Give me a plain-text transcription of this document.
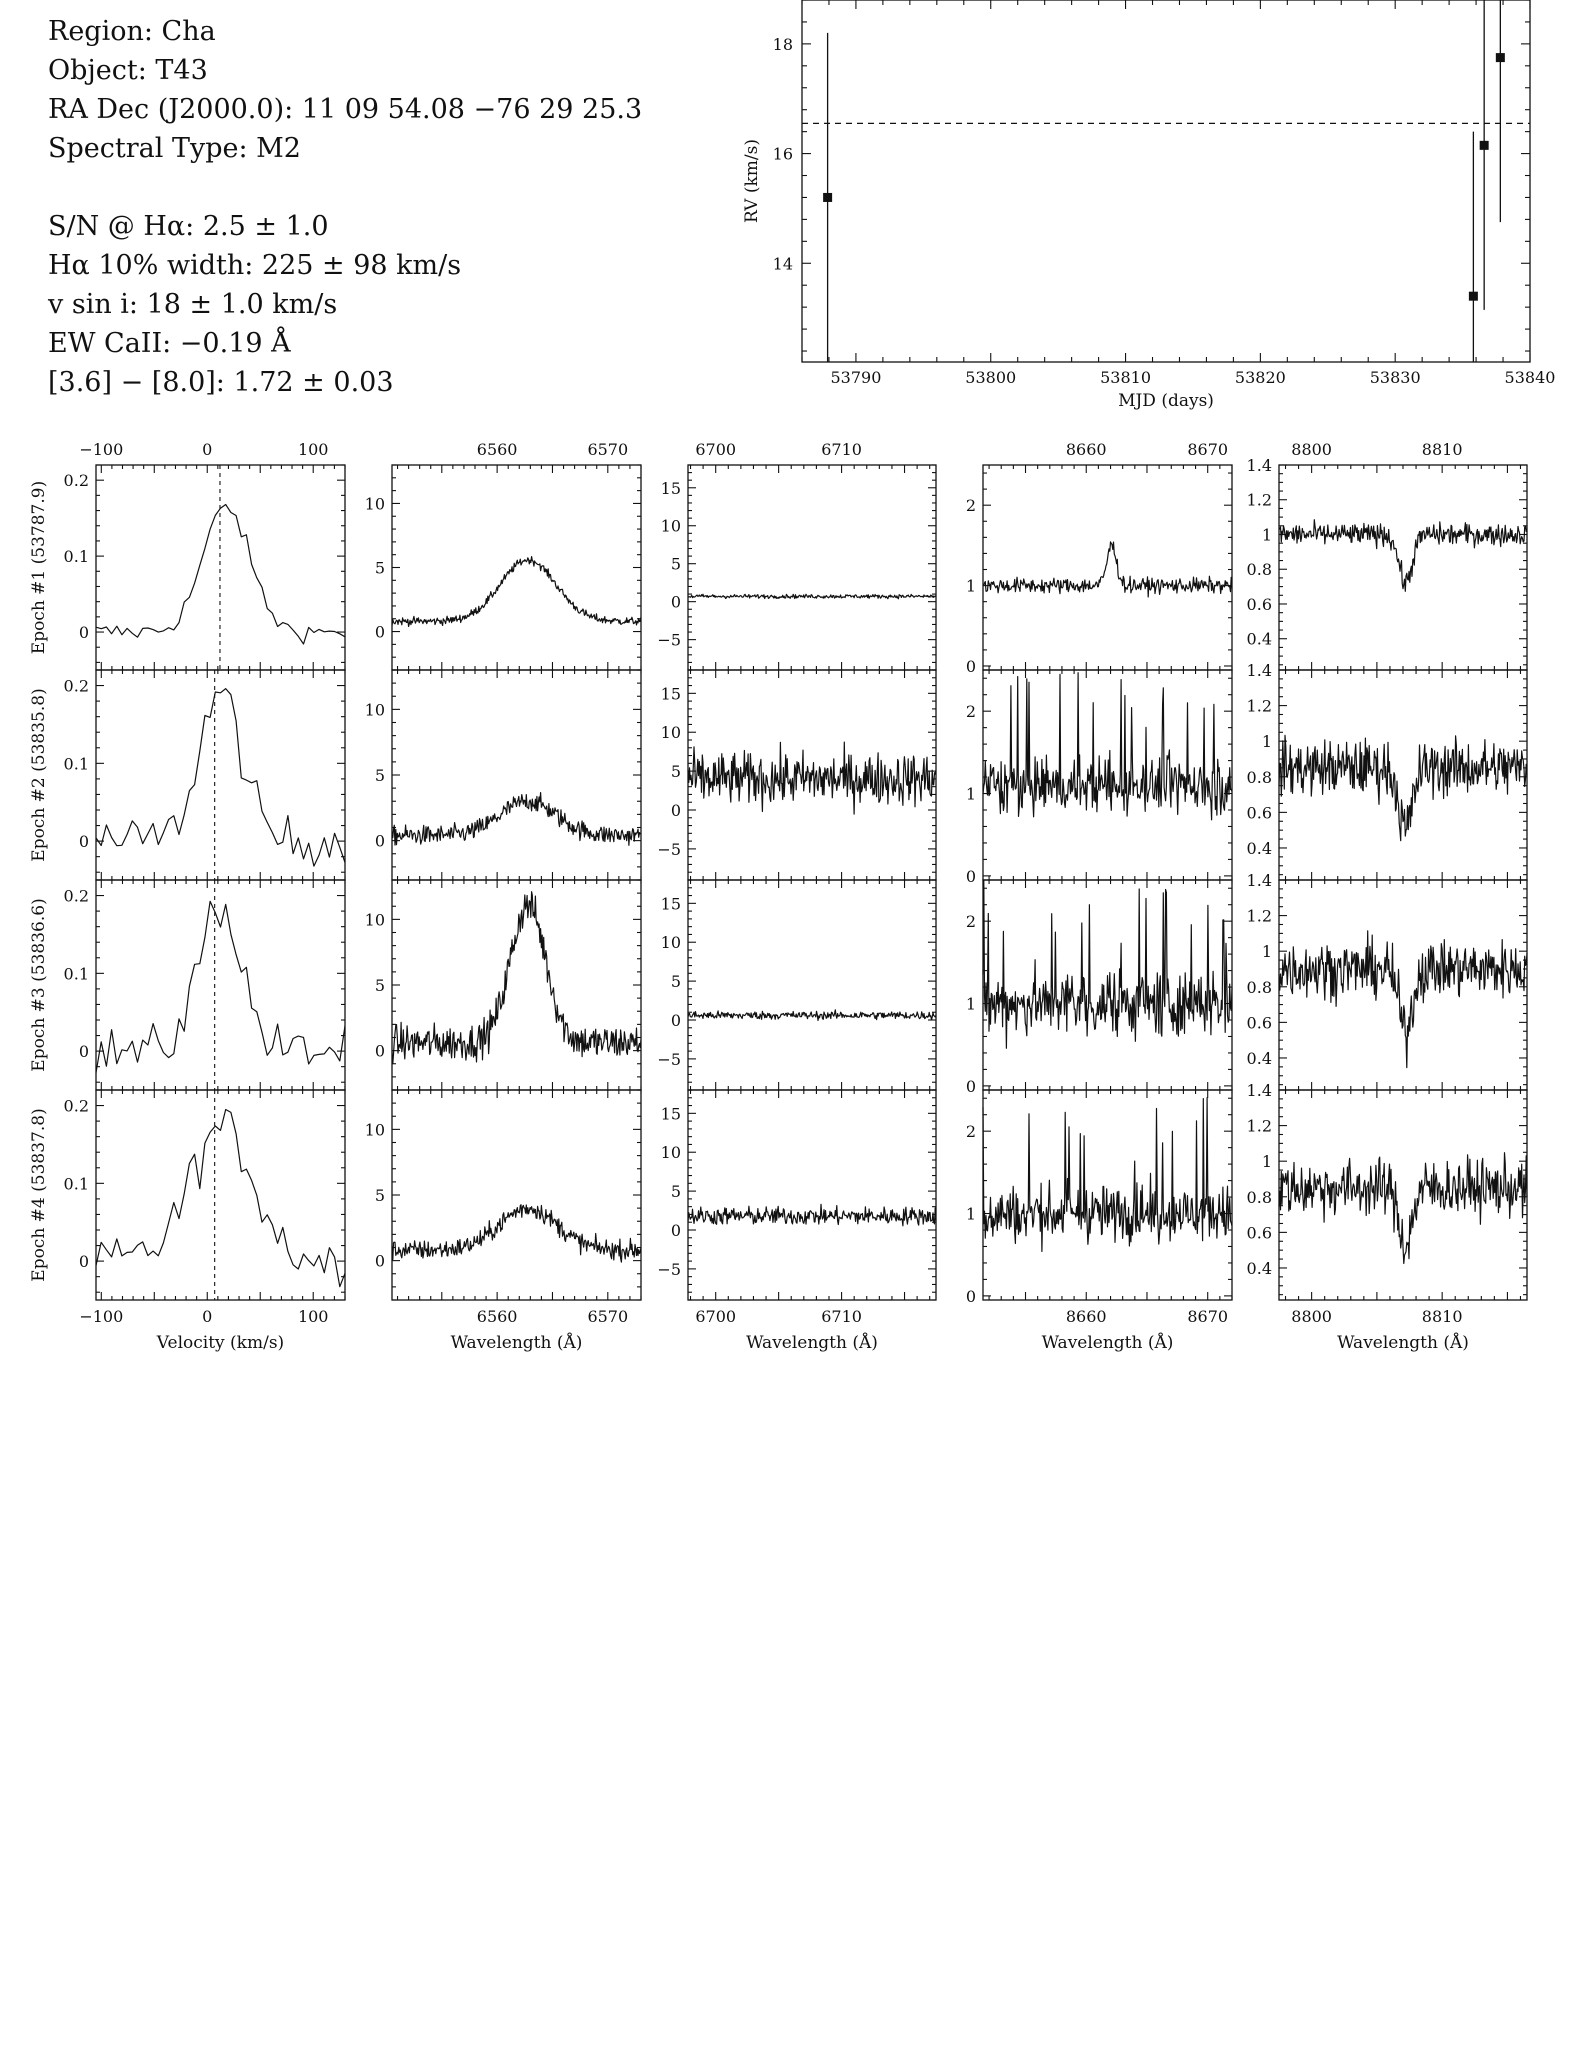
Region: Cha
Object: T43
RA Dec (J2000.0): 11 09 54.08 −76 29 25.3
Spectral Type: M2
S/N @ Hα: 2.5 ± 1.0
Hα 10% width: 225 ± 98 km/s
v sin i: 18 ± 1.0 km/s
EW CaII: −0.19 Å
[3.6] − [8.0]: 1.72 ± 0.03	53790	53800	53810	53820	53830	53840
14
16
18
MJD (days)
RV (km/s)
0
0.1
0.2
Epoch #1 (53787.9)
0
0.1
0.2
Epoch #2 (53835.8)
0
0.1
0.2
Epoch #3 (53836.6)
0
0.1
0.2
Epoch #4 (53837.8)
−100
−100
0
0
100
100
Velocity (km/s)
0
5
10
0
5
10
0
5
10
0
5
10
6560
6560
6570
6570
Wavelength (Å)
−5
0
5
10
15
−5
0
5
10
15
−5
0
5
10
15
−5
0
5
10
15
6700
6700
6710
6710
Wavelength (Å)
0
1
2
0
1
2
0
1
2
0
1
2
8660
8660
8670
8670
Wavelength (Å)
0.4
0.6
0.8
1
1.2
1.4
0.4
0.6
0.8
1
1.2
1.4
0.4
0.6
0.8
1
1.2
1.4
0.4
0.6
0.8
1
1.2
1.4
8800
8800
8810
8810
Wavelength (Å)
